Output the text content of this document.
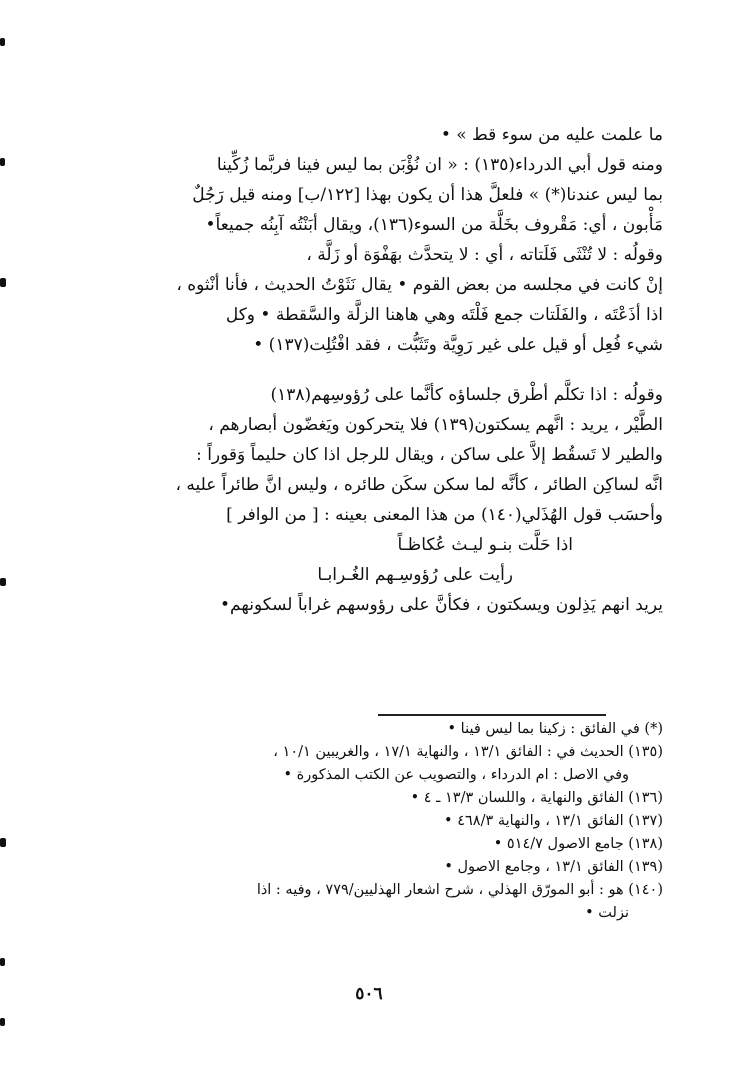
ما علمت عليه من سوء قط » •

ومنه قول أبي الدرداء(١٣٥) : « ان نُؤْبَن بما ليس فينا فربَّما زُكِّينا

بما ليس عندنا(*) » فلعلَّ هذا أن يكون بهذا [١٢٢/ب] ومنه قيل رَجُلٌ

مَأْبون ، أي: مَقْروف بخَلَّة من السوء(١٣٦)، ويقال أبَنْتُه آبِنُه جميعاً•

وقولُه : لا تُنْثَى فَلَتاته ، أي : لا يتحدَّث بهَفْوَة أو زَلَّة ،

إنْ كانت في مجلسه من بعض القوم • يقال نَثَوْتُ الحديث ، فأنا أنْثوه ،

اذا أذَعْتَه ، والفَلَتات جمع فَلْتَه وهي هاهنا الزلَّة والسَّقطة • وكل

شيء فُعِل أو قيل على غير رَوِيَّة وتَثَبُّت ، فقد افْتُلِت(١٣٧) •

وقولُه : اذا تكلَّم أطْرق جلساؤه كأنَّما على رُؤوسِهم(١٣٨)

الطَّيْر ، يريد : انَّهم يسكتون(١٣٩) فلا يتحركون ويَغضّون أبصارهم ،

والطير لا تَسقُط إلاَّ على ساكن ، ويقال للرجل اذا كان حليماً وَقوراً :

انَّه لساكِن الطائر ، كأنَّه لما سكن سكَن طائره ، وليس انَّ طائراً عليه ،

وأحسَب قول الهُذَلي(١٤٠) من هذا المعنى بعينه : [ من الوافر ]

اذا حَلَّت بنـو ليـث عُكاظـاً

رأيت على رُؤوسِـهم الغُـرابـا

يريد انهم يَذِلون ويسكتون ، فكأنَّ على رؤوسهم غراباً لسكونهم•

(*) في الفائق : زكينا بما ليس فينا •
(١٣٥) الحديث في : الفائق ١٣/١ ، والنهاية ١٧/١ ، والغريبين ١٠/١ ،
وفي الاصل : ام الدرداء ، والتصويب عن الكتب المذكورة •
(١٣٦) الفائق والنهاية ، واللسان ١٣/٣ ـ ٤ •
(١٣٧) الفائق ١٣/١ ، والنهاية ٤٦٨/٣ •
(١٣٨) جامع الاصول ٥١٤/٧ •
(١٣٩) الفائق ١٣/١ ، وجامع الاصول •
(١٤٠) هو : أبو المورّق الهذلي ، شرح اشعار الهذليين/٧٧٩ ، وفيه : اذا
نزلت •
٥٠٦
